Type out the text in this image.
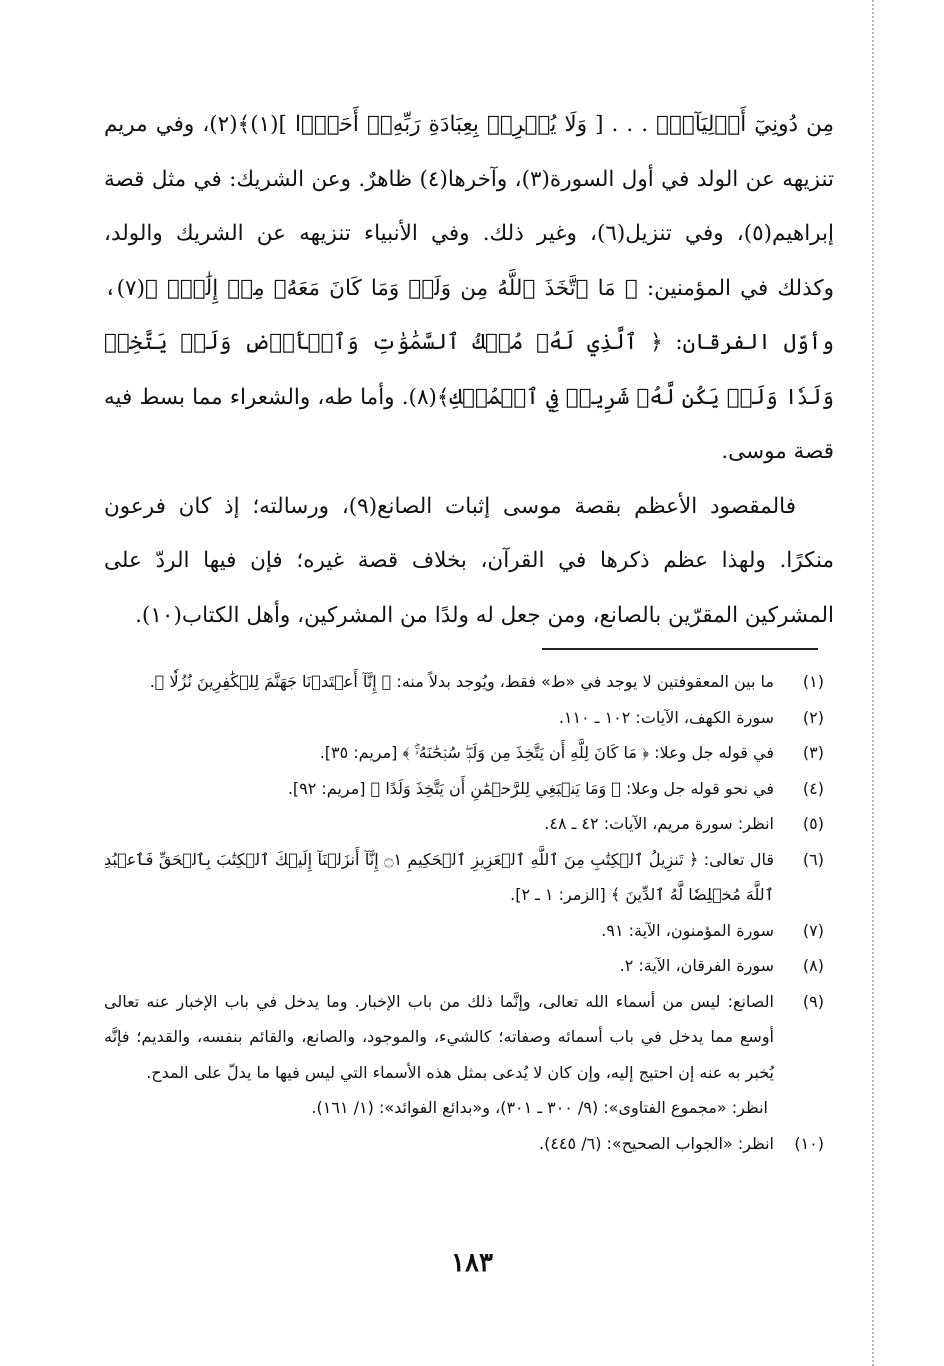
مِن دُونِيٓ أَوۡلِيَآءَۚ . . . [ وَلَا يُشۡرِكۡ بِعِبَادَةِ رَبِّهِۦٓ أَحَدَۢا ](١)﴾(٢)، وفي مريم تنزيهه عن الولد في أول السورة(٣)، وآخرها(٤) ظاهرٌ. وعن الشريك: في مثل قصة إبراهيم(٥)، وفي تنزيل(٦)، وغير ذلك. وفي الأنبياء تنزيهه عن الشريك والولد، وكذلك في المؤمنين: ﴿ مَا ٱتَّخَذَ ٱللَّهُ مِن وَلَدٖ وَمَا كَانَ مَعَهُۥ مِنۡ إِلَٰهٍۚ ﴾(٧)، وأوّل الفرقان: ﴿ ٱلَّذِي لَهُۥ مُلۡكُ ٱلسَّمَٰوَٰتِ وَٱلۡأَرۡضِ وَلَمۡ يَتَّخِذۡ وَلَدٗا وَلَمۡ يَكُن لَّهُۥ شَرِيكٞ فِي ٱلۡمُلۡكِ﴾(٨). وأما طه، والشعراء مما بسط فيه قصة موسى.

فالمقصود الأعظم بقصة موسى إثبات الصانع(٩)، ورسالته؛ إذ كان فرعون منكرًا. ولهذا عظم ذكرها في القرآن، بخلاف قصة غيره؛ فإن فيها الردّ على المشركين المقرّين بالصانع، ومن جعل له ولدًا من المشركين، وأهل الكتاب(١٠).

(١)
ما بين المعقوفتين لا يوجد في «ط» فقط، ويُوجد بدلاً منه: ﴿ إِنَّآ أَعۡتَدۡنَا جَهَنَّمَ لِلۡكَٰفِرِينَ نُزُلٗا ﴾.
(٢)
سورة الكهف، الآيات: ١٠٢ ـ ١١٠.
(٣)
في قوله جل وعلا: ﴿ مَا كَانَ لِلَّهِ أَن يَتَّخِذَ مِن وَلَدٖۖ سُبۡحَٰنَهُۥٓۚ ﴾ [مريم: ٣٥].
(٤)
في نحو قوله جل وعلا: ﴿ وَمَا يَنۢبَغِي لِلرَّحۡمَٰنِ أَن يَتَّخِذَ وَلَدًا ﴾ [مريم: ٩٢].
(٥)
انظر: سورة مريم، الآيات: ٤٢ ـ ٤٨.
(٦)
قال تعالى: ﴿ تَنزِيلُ ٱلۡكِتَٰبِ مِنَ ٱللَّهِ ٱلۡعَزِيزِ ٱلۡحَكِيمِ ۝١ إِنَّآ أَنزَلۡنَآ إِلَيۡكَ ٱلۡكِتَٰبَ بِٱلۡحَقِّ فَٱعۡبُدِ ٱللَّهَ مُخۡلِصٗا لَّهُ ٱلدِّينَ ﴾ [الزمر: ١ ـ ٢].
(٧)
سورة المؤمنون، الآية: ٩١.
(٨)
سورة الفرقان، الآية: ٢.
(٩)
الصانع: ليس من أسماء الله تعالى، وإنَّما ذلك من باب الإخبار. وما يدخل في باب الإخبار عنه تعالى أوسع مما يدخل في باب أسمائه وصفاته؛ كالشيء، والموجود، والصانع، والقائم بنفسه، والقديم؛ فإنَّه يُخبر به عنه إن احتيج إليه، وإن كان لا يُدعى بمثل هذه الأسماء التي ليس فيها ما يدلّ على المدح.
انظر: «مجموع الفتاوى»: (٩/ ٣٠٠ ـ ٣٠١)، و«بدائع الفوائد»: (١/ ١٦١).
(١٠)
انظر: «الجواب الصحيح»: (٦/ ٤٤٥).
١٨٣
